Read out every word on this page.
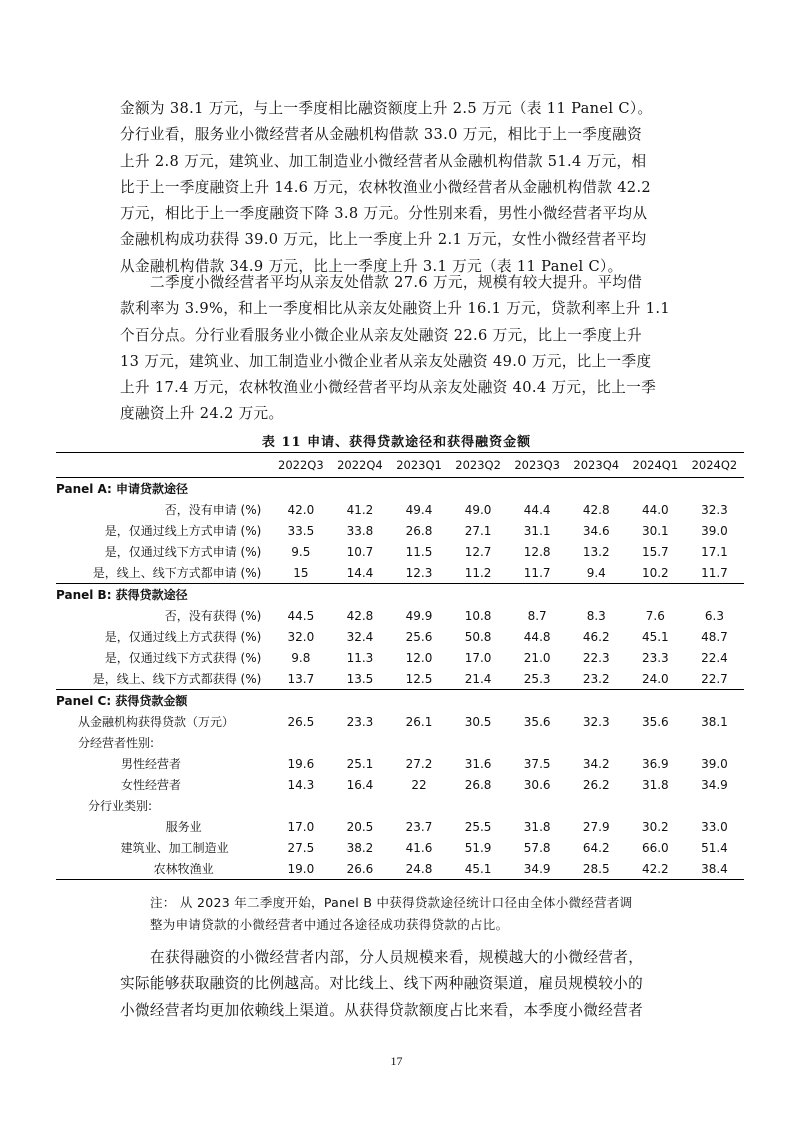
金额为 38.1 万元，与上一季度相比融资额度上升 2.5 万元（表 11 Panel C）。
分行业看，服务业小微经营者从金融机构借款 33.0 万元，相比于上一季度融资
上升 2.8 万元，建筑业、加工制造业小微经营者从金融机构借款 51.4 万元，相
比于上一季度融资上升 14.6 万元，农林牧渔业小微经营者从金融机构借款 42.2
万元，相比于上一季度融资下降 3.8 万元。分性别来看，男性小微经营者平均从
金融机构成功获得 39.0 万元，比上一季度上升 2.1 万元，女性小微经营者平均
从金融机构借款 34.9 万元，比上一季度上升 3.1 万元（表 11 Panel C）。

二季度小微经营者平均从亲友处借款 27.6 万元，规模有较大提升。平均借
款利率为 3.9%，和上一季度相比从亲友处融资上升 16.1 万元，贷款利率上升 1.1
个百分点。分行业看服务业小微企业从亲友处融资 22.6 万元，比上一季度上升
13 万元，建筑业、加工制造业小微企业者从亲友处融资 49.0 万元，比上一季度
上升 17.4 万元，农林牧渔业小微经营者平均从亲友处融资 40.4 万元，比上一季
度融资上升 24.2 万元。

表 11 申请、获得贷款途径和获得融资金额
	2022Q3	2022Q4	2023Q1	2023Q2	2023Q3	2023Q4	2024Q1	2024Q2
Panel A: 申请贷款途径								
否，没有申请 (%)	42.0	41.2	49.4	49.0	44.4	42.8	44.0	32.3
是，仅通过线上方式申请 (%)	33.5	33.8	26.8	27.1	31.1	34.6	30.1	39.0
是，仅通过线下方式申请 (%)	9.5	10.7	11.5	12.7	12.8	13.2	15.7	17.1
是，线上、线下方式都申请 (%)	15	14.4	12.3	11.2	11.7	9.4	10.2	11.7
Panel B: 获得贷款途径								
否，没有获得 (%)	44.5	42.8	49.9	10.8	8.7	8.3	7.6	6.3
是，仅通过线上方式获得 (%)	32.0	32.4	25.6	50.8	44.8	46.2	45.1	48.7
是，仅通过线下方式获得 (%)	9.8	11.3	12.0	17.0	21.0	22.3	23.3	22.4
是，线上、线下方式都获得 (%)	13.7	13.5	12.5	21.4	25.3	23.2	24.0	22.7
Panel C: 获得贷款金额								
从金融机构获得贷款（万元）	26.5	23.3	26.1	30.5	35.6	32.3	35.6	38.1
分经营者性别:								
男性经营者	19.6	25.1	27.2	31.6	37.5	34.2	36.9	39.0
女性经营者	14.3	16.4	22	26.8	30.6	26.2	31.8	34.9
分行业类别:								
服务业	17.0	20.5	23.7	25.5	31.8	27.9	30.2	33.0
建筑业、加工制造业	27.5	38.2	41.6	51.9	57.8	64.2	66.0	51.4
农林牧渔业	19.0	26.6	24.8	45.1	34.9	28.5	42.2	38.4
注： 从 2023 年二季度开始，Panel B 中获得贷款途径统计口径由全体小微经营者调
整为申请贷款的小微经营者中通过各途径成功获得贷款的占比。

在获得融资的小微经营者内部，分人员规模来看，规模越大的小微经营者，
实际能够获取融资的比例越高。对比线上、线下两种融资渠道，雇员规模较小的
小微经营者均更加依赖线上渠道。从获得贷款额度占比来看，本季度小微经营者

17
